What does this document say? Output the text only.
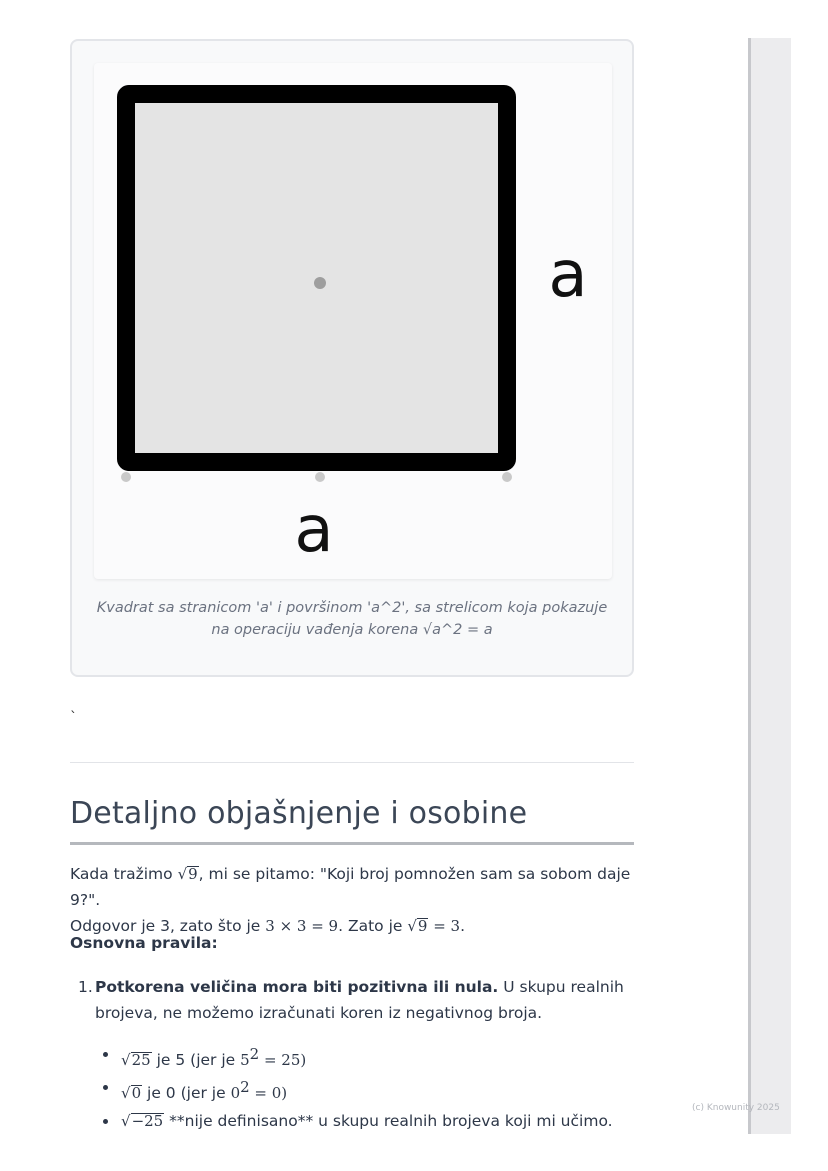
(c) Knowunity 2025
a
a
Kvadrat sa stranicom 'a' i površinom 'a^2', sa strelicom koja pokazuje na operaciju vađenja korena √a^2 = a
`
Detaljno objašnjenje i osobine
Kada tražimo √9, mi se pitamo: "Koji broj pomnožen sam sa sobom daje 9?".
Odgovor je 3, zato što je 3 × 3 = 9. Zato je √9 = 3.
Osnovna pravila:
1. Potkorena veličina mora biti pozitivna ili nula. U skupu realnih brojeva, ne možemo izračunati koren iz negativnog broja.
√25 je 5 (jer je $5^2 = 25$)
√0 je 0 (jer je $0^2 = 0$)
√−25 **nije definisano** u skupu realnih brojeva koji mi učimo.
